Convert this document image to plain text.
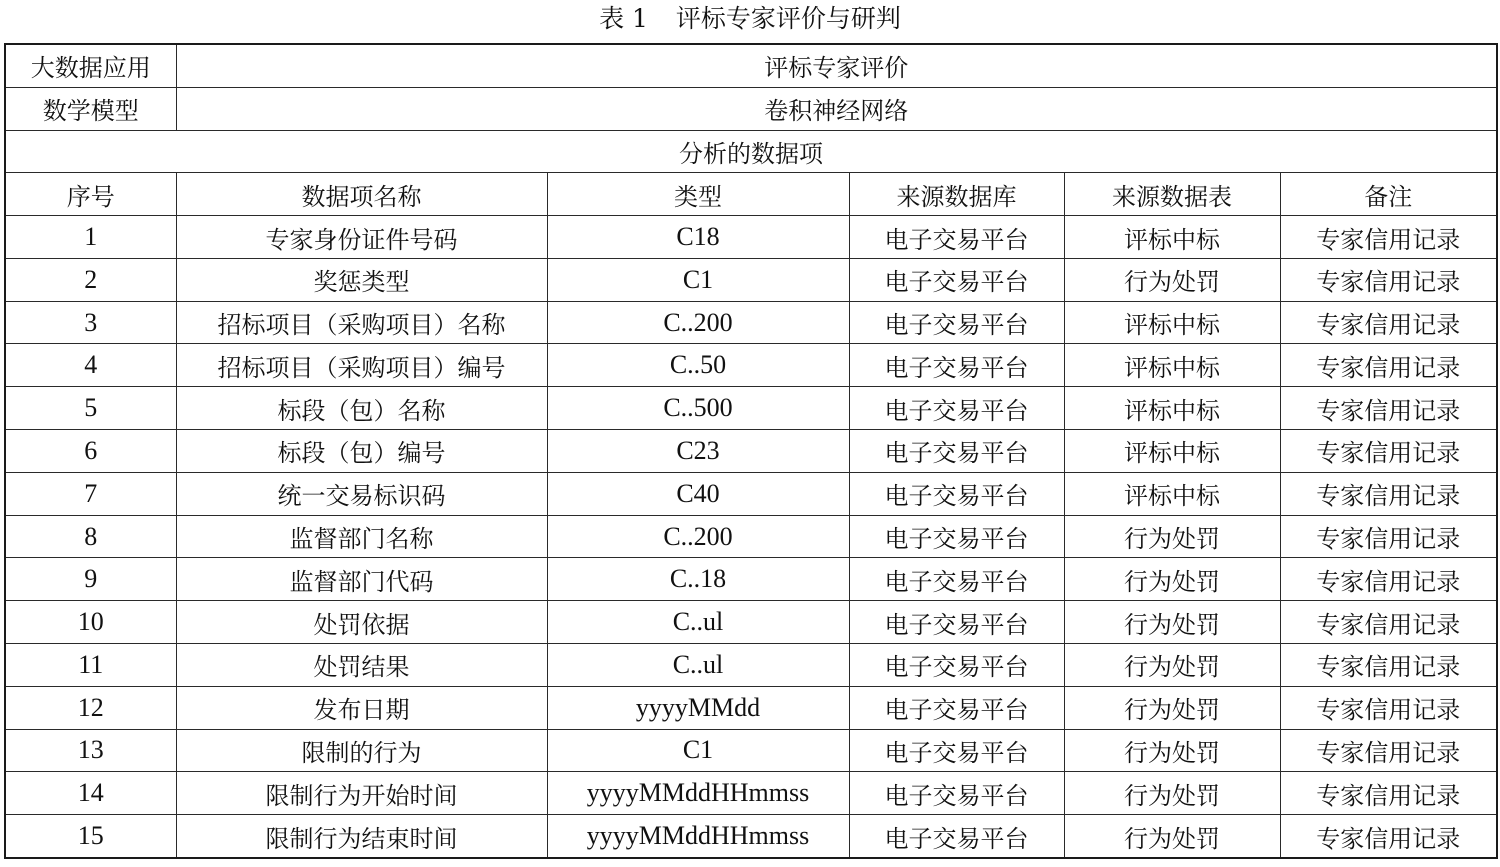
表 1 评标专家评价与研判
大数据应用	评标专家评价				
数学模型	卷积神经网络				
分析的数据项					
序号	数据项名称	类型	来源数据库	来源数据表	备注
1	专家身份证件号码	C18	电子交易平台	评标中标	专家信用记录
2	奖惩类型	C1	电子交易平台	行为处罚	专家信用记录
3	招标项目（采购项目）名称	C..200	电子交易平台	评标中标	专家信用记录
4	招标项目（采购项目）编号	C..50	电子交易平台	评标中标	专家信用记录
5	标段（包）名称	C..500	电子交易平台	评标中标	专家信用记录
6	标段（包）编号	C23	电子交易平台	评标中标	专家信用记录
7	统一交易标识码	C40	电子交易平台	评标中标	专家信用记录
8	监督部门名称	C..200	电子交易平台	行为处罚	专家信用记录
9	监督部门代码	C..18	电子交易平台	行为处罚	专家信用记录
10	处罚依据	C..ul	电子交易平台	行为处罚	专家信用记录
11	处罚结果	C..ul	电子交易平台	行为处罚	专家信用记录
12	发布日期	yyyyMMdd	电子交易平台	行为处罚	专家信用记录
13	限制的行为	C1	电子交易平台	行为处罚	专家信用记录
14	限制行为开始时间	yyyyMMddHHmmss	电子交易平台	行为处罚	专家信用记录
15	限制行为结束时间	yyyyMMddHHmmss	电子交易平台	行为处罚	专家信用记录
